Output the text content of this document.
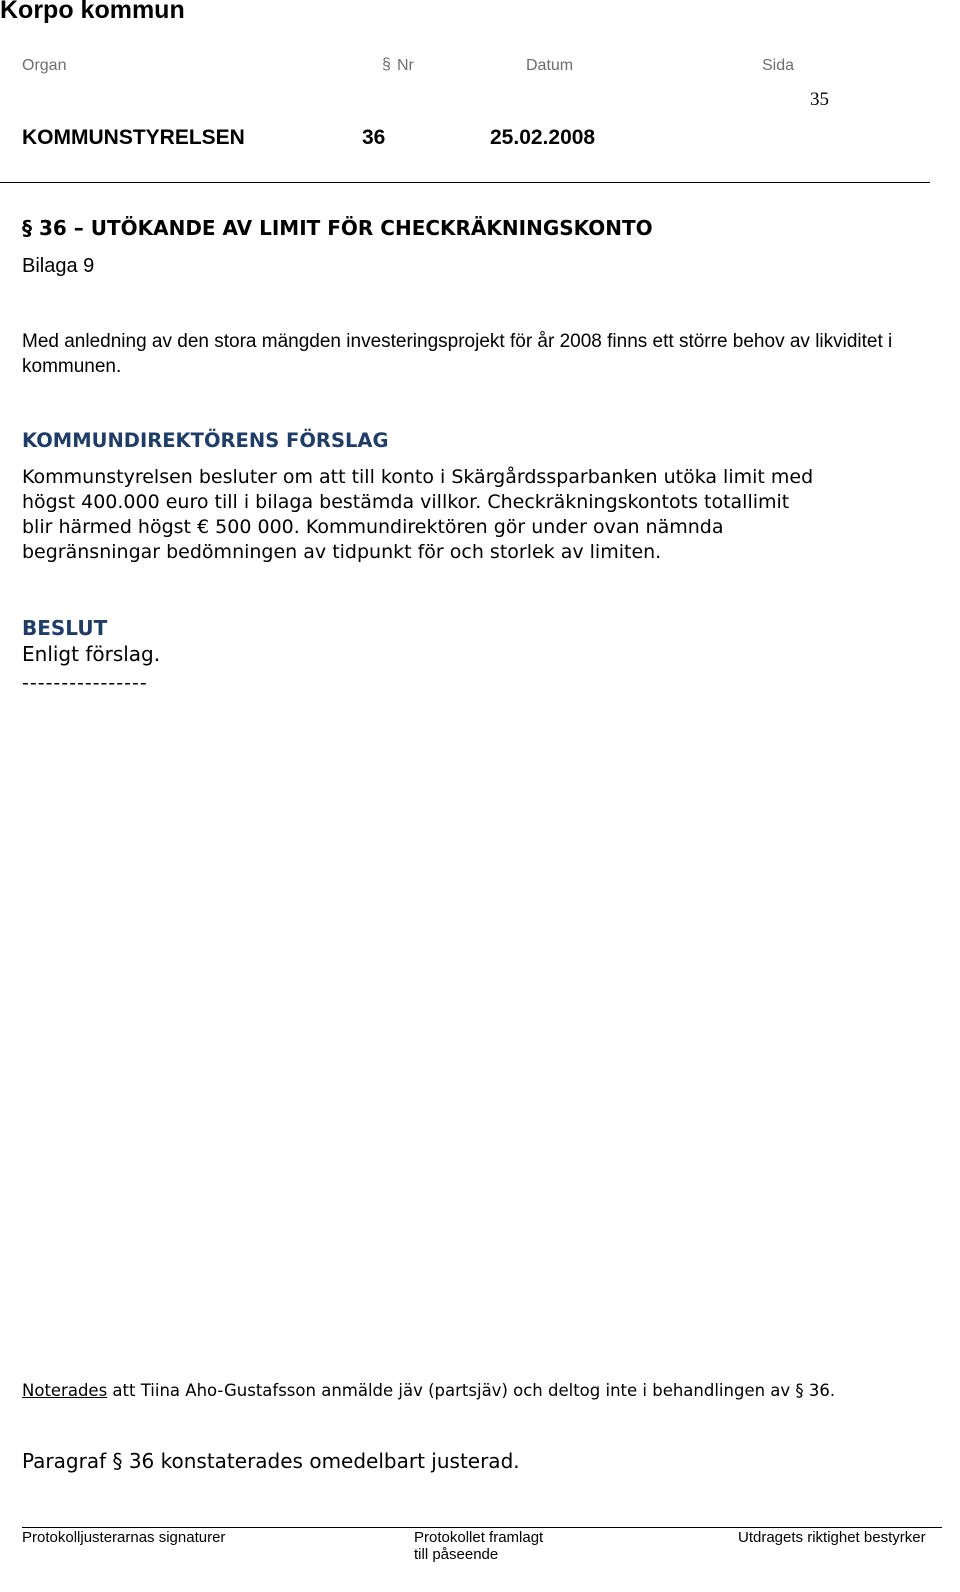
Korpo kommun
Organ	§ Nr	Datum	Sida
35
KOMMUNSTYRELSEN	36	25.02.2008
§ 36 – UTÖKANDE AV LIMIT FÖR CHECKRÄKNINGSKONTO
Bilaga 9
Med anledning av den stora mängden investeringsprojekt för år 2008 finns ett större behov av likviditet i kommunen.
KOMMUNDIREKTÖRENS FÖRSLAG
Kommunstyrelsen besluter om att till konto i Skärgårdssparbanken utöka limit med
högst 400.000 euro till i bilaga bestämda villkor. Checkräkningskontots totallimit
blir härmed högst € 500 000. Kommundirektören gör under ovan nämnda
begränsningar bedömningen av tidpunkt för och storlek av limiten.
BESLUT
Enligt förslag.
----------------
Noterades att Tiina Aho-Gustafsson anmälde jäv (partsjäv) och deltog inte i behandlingen av § 36.
Paragraf § 36 konstaterades omedelbart justerad.
Protokolljusterarnas signaturer	Protokollet framlagt
till påseende
Utdragets riktighet bestyrker
